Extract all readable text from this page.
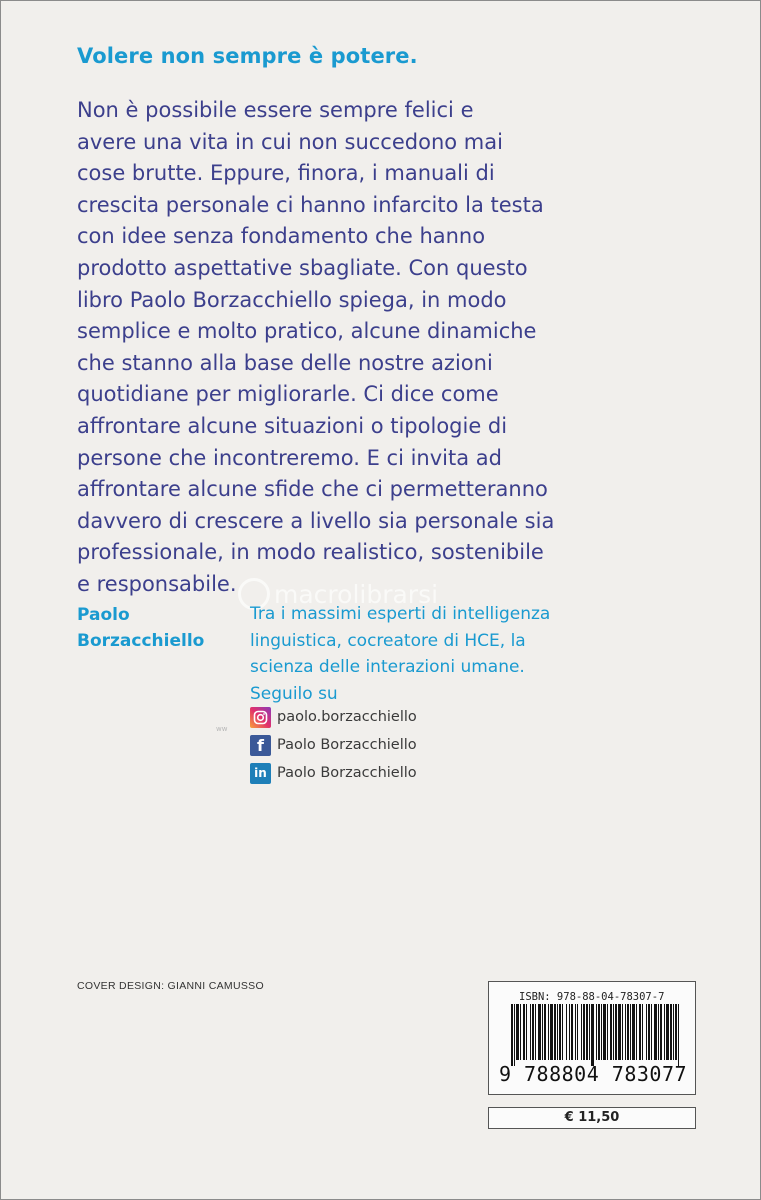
Volere non sempre è potere.
Non è possibile essere sempre felici e
avere una vita in cui non succedono mai
cose brutte. Eppure, finora, i manuali di
crescita personale ci hanno infarcito la testa
con idee senza fondamento che hanno
prodotto aspettative sbagliate. Con questo
libro Paolo Borzacchiello spiega, in modo
semplice e molto pratico, alcune dinamiche
che stanno alla base delle nostre azioni
quotidiane per migliorarle. Ci dice come
affrontare alcune situazioni o tipologie di
persone che incontreremo. E ci invita ad
affrontare alcune sfide che ci permetteranno
davvero di crescere a livello sia personale sia
professionale, in modo realistico, sostenibile
e responsabile.	macrolibrarsi
Paolo
Borzacchiello
Tra i massimi esperti di intelligenza
linguistica, cocreatore di HCE, la
scienza delle interazioni umane.
Seguilo su
ww
paolo.borzacchiello
f Paolo Borzacchiello
in Paolo Borzacchiello
COVER DESIGN: GIANNI CAMUSSO
ISBN: 978-88-04-78307-7
9 788804 783077
€ 11,50
